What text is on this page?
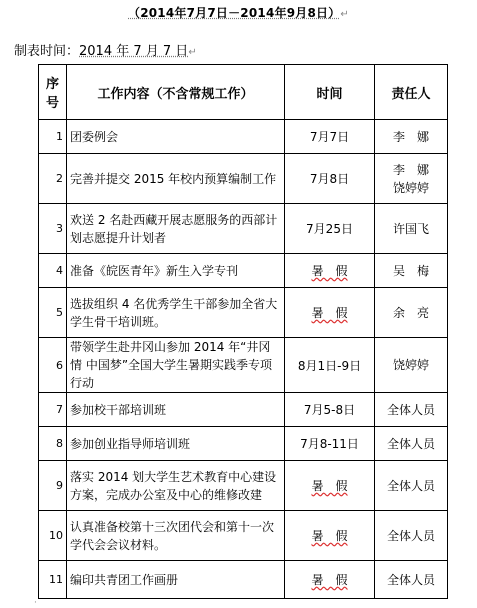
（2014年7月7日－2014年9月8日）↵
制表时间：2014 年 7 月 7 日↵
序号	工作内容（不含常规工作）	时间	责任人
1	团委例会	7月7日	李　娜
2	完善并提交 2015 年校内预算编制工作	7月8日	李　娜
饶婷婷
3	欢送 2 名赴西藏开展志愿服务的西部计划志愿提升计划者	7月25日	许国飞
4	准备《皖医青年》新生入学专刊	暑　假	吴　梅
5	选拔组织 4 名优秀学生干部参加全省大学生骨干培训班。	暑　假	余　亮
6	带领学生赴井冈山参加 2014 年“井冈情 中国梦”全国大学生暑期实践季专项行动	8月1日-9日	饶婷婷
7	参加校干部培训班	7月5-8日	全体人员
8	参加创业指导师培训班	7月8-11日	全体人员
9	落实 2014 划大学生艺术教育中心建设方案，完成办公室及中心的维修改建	暑　假	全体人员
10	认真准备校第十三次团代会和第十一次学代会会议材料。	暑　假	全体人员
11	编印共青团工作画册	暑　假	全体人员
·
